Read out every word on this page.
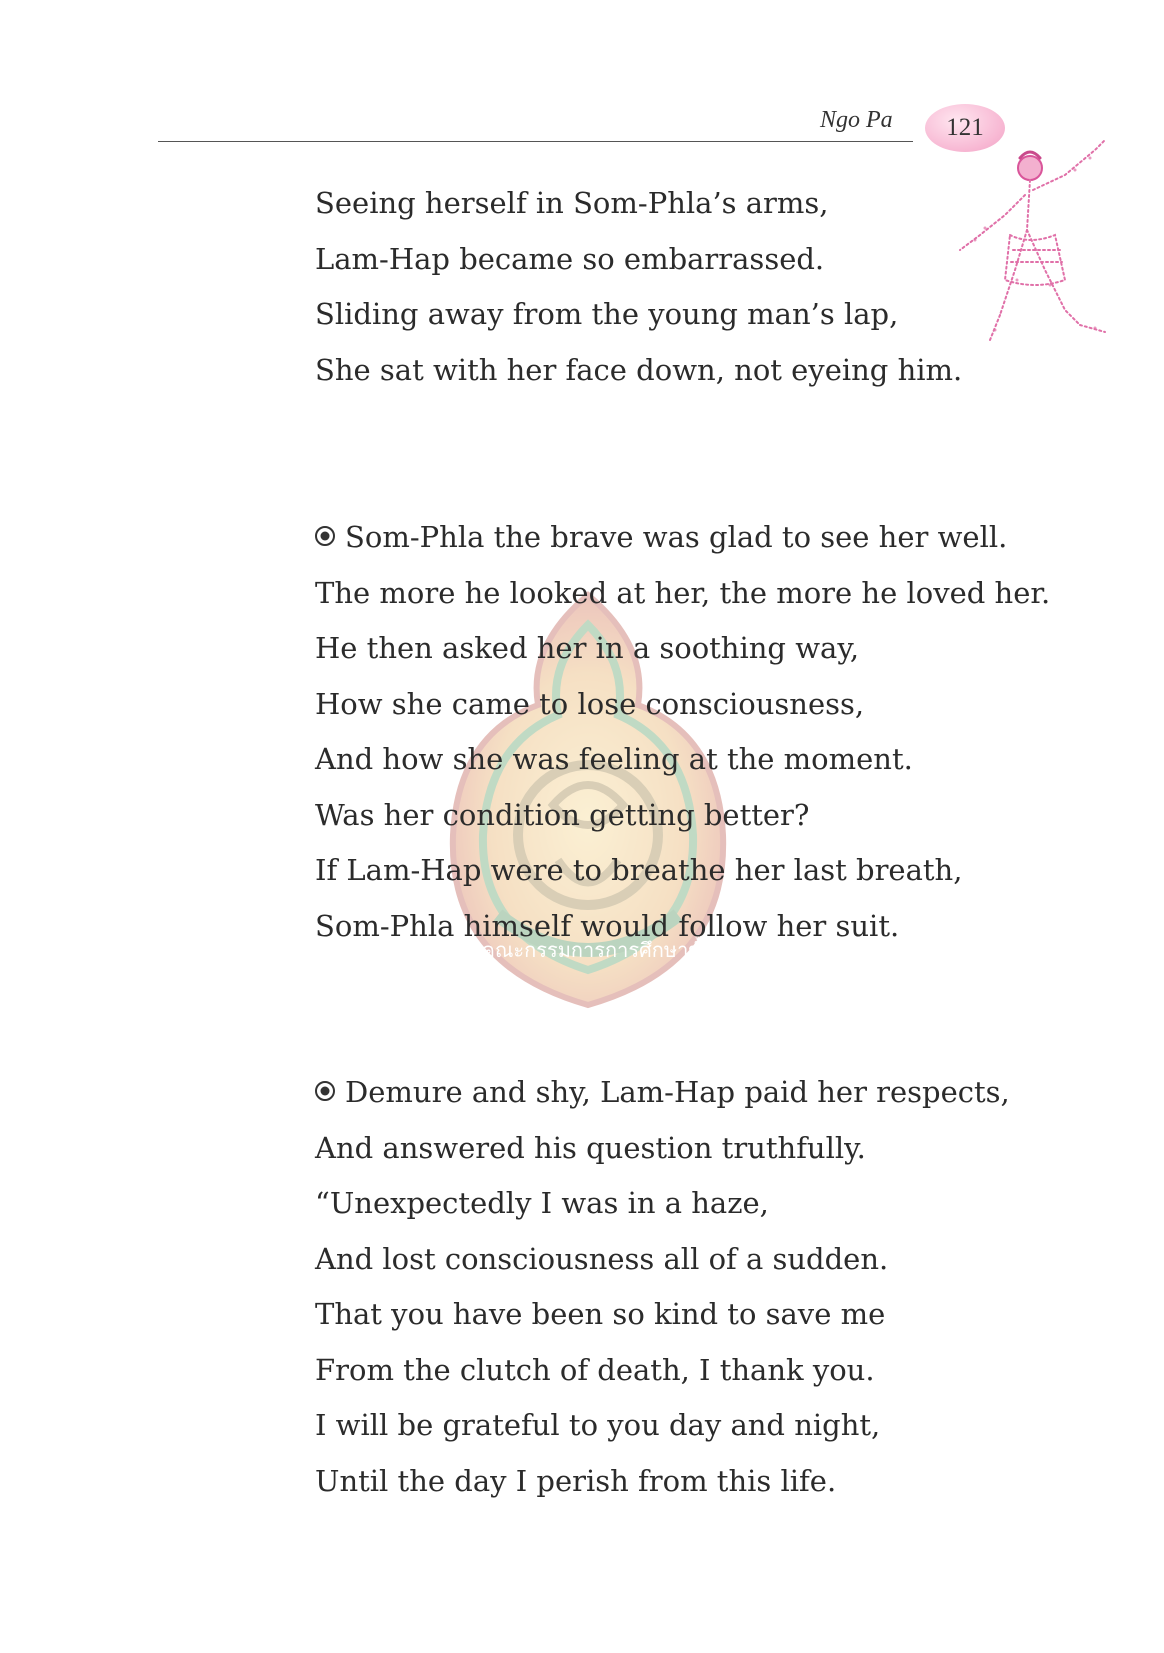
Ngo Pa 121
สำนักงานคณะกรรมการการศึกษาขั้นพื้นฐาน
Seeing herself in Som-Phla’s arms,
Lam-Hap became so embarrassed.
Sliding away from the young man’s lap,
She sat with her face down, not eyeing him.
Som-Phla the brave was glad to see her well.
The more he looked at her, the more he loved her.
He then asked her in a soothing way,
How she came to lose consciousness,
And how she was feeling at the moment.
Was her condition getting better?
If Lam-Hap were to breathe her last breath,
Som-Phla himself would follow her suit.
Demure and shy, Lam-Hap paid her respects,
And answered his question truthfully.
“Unexpectedly I was in a haze,
And lost consciousness all of a sudden.
That you have been so kind to save me
From the clutch of death, I thank you.
I will be grateful to you day and night,
Until the day I perish from this life.
